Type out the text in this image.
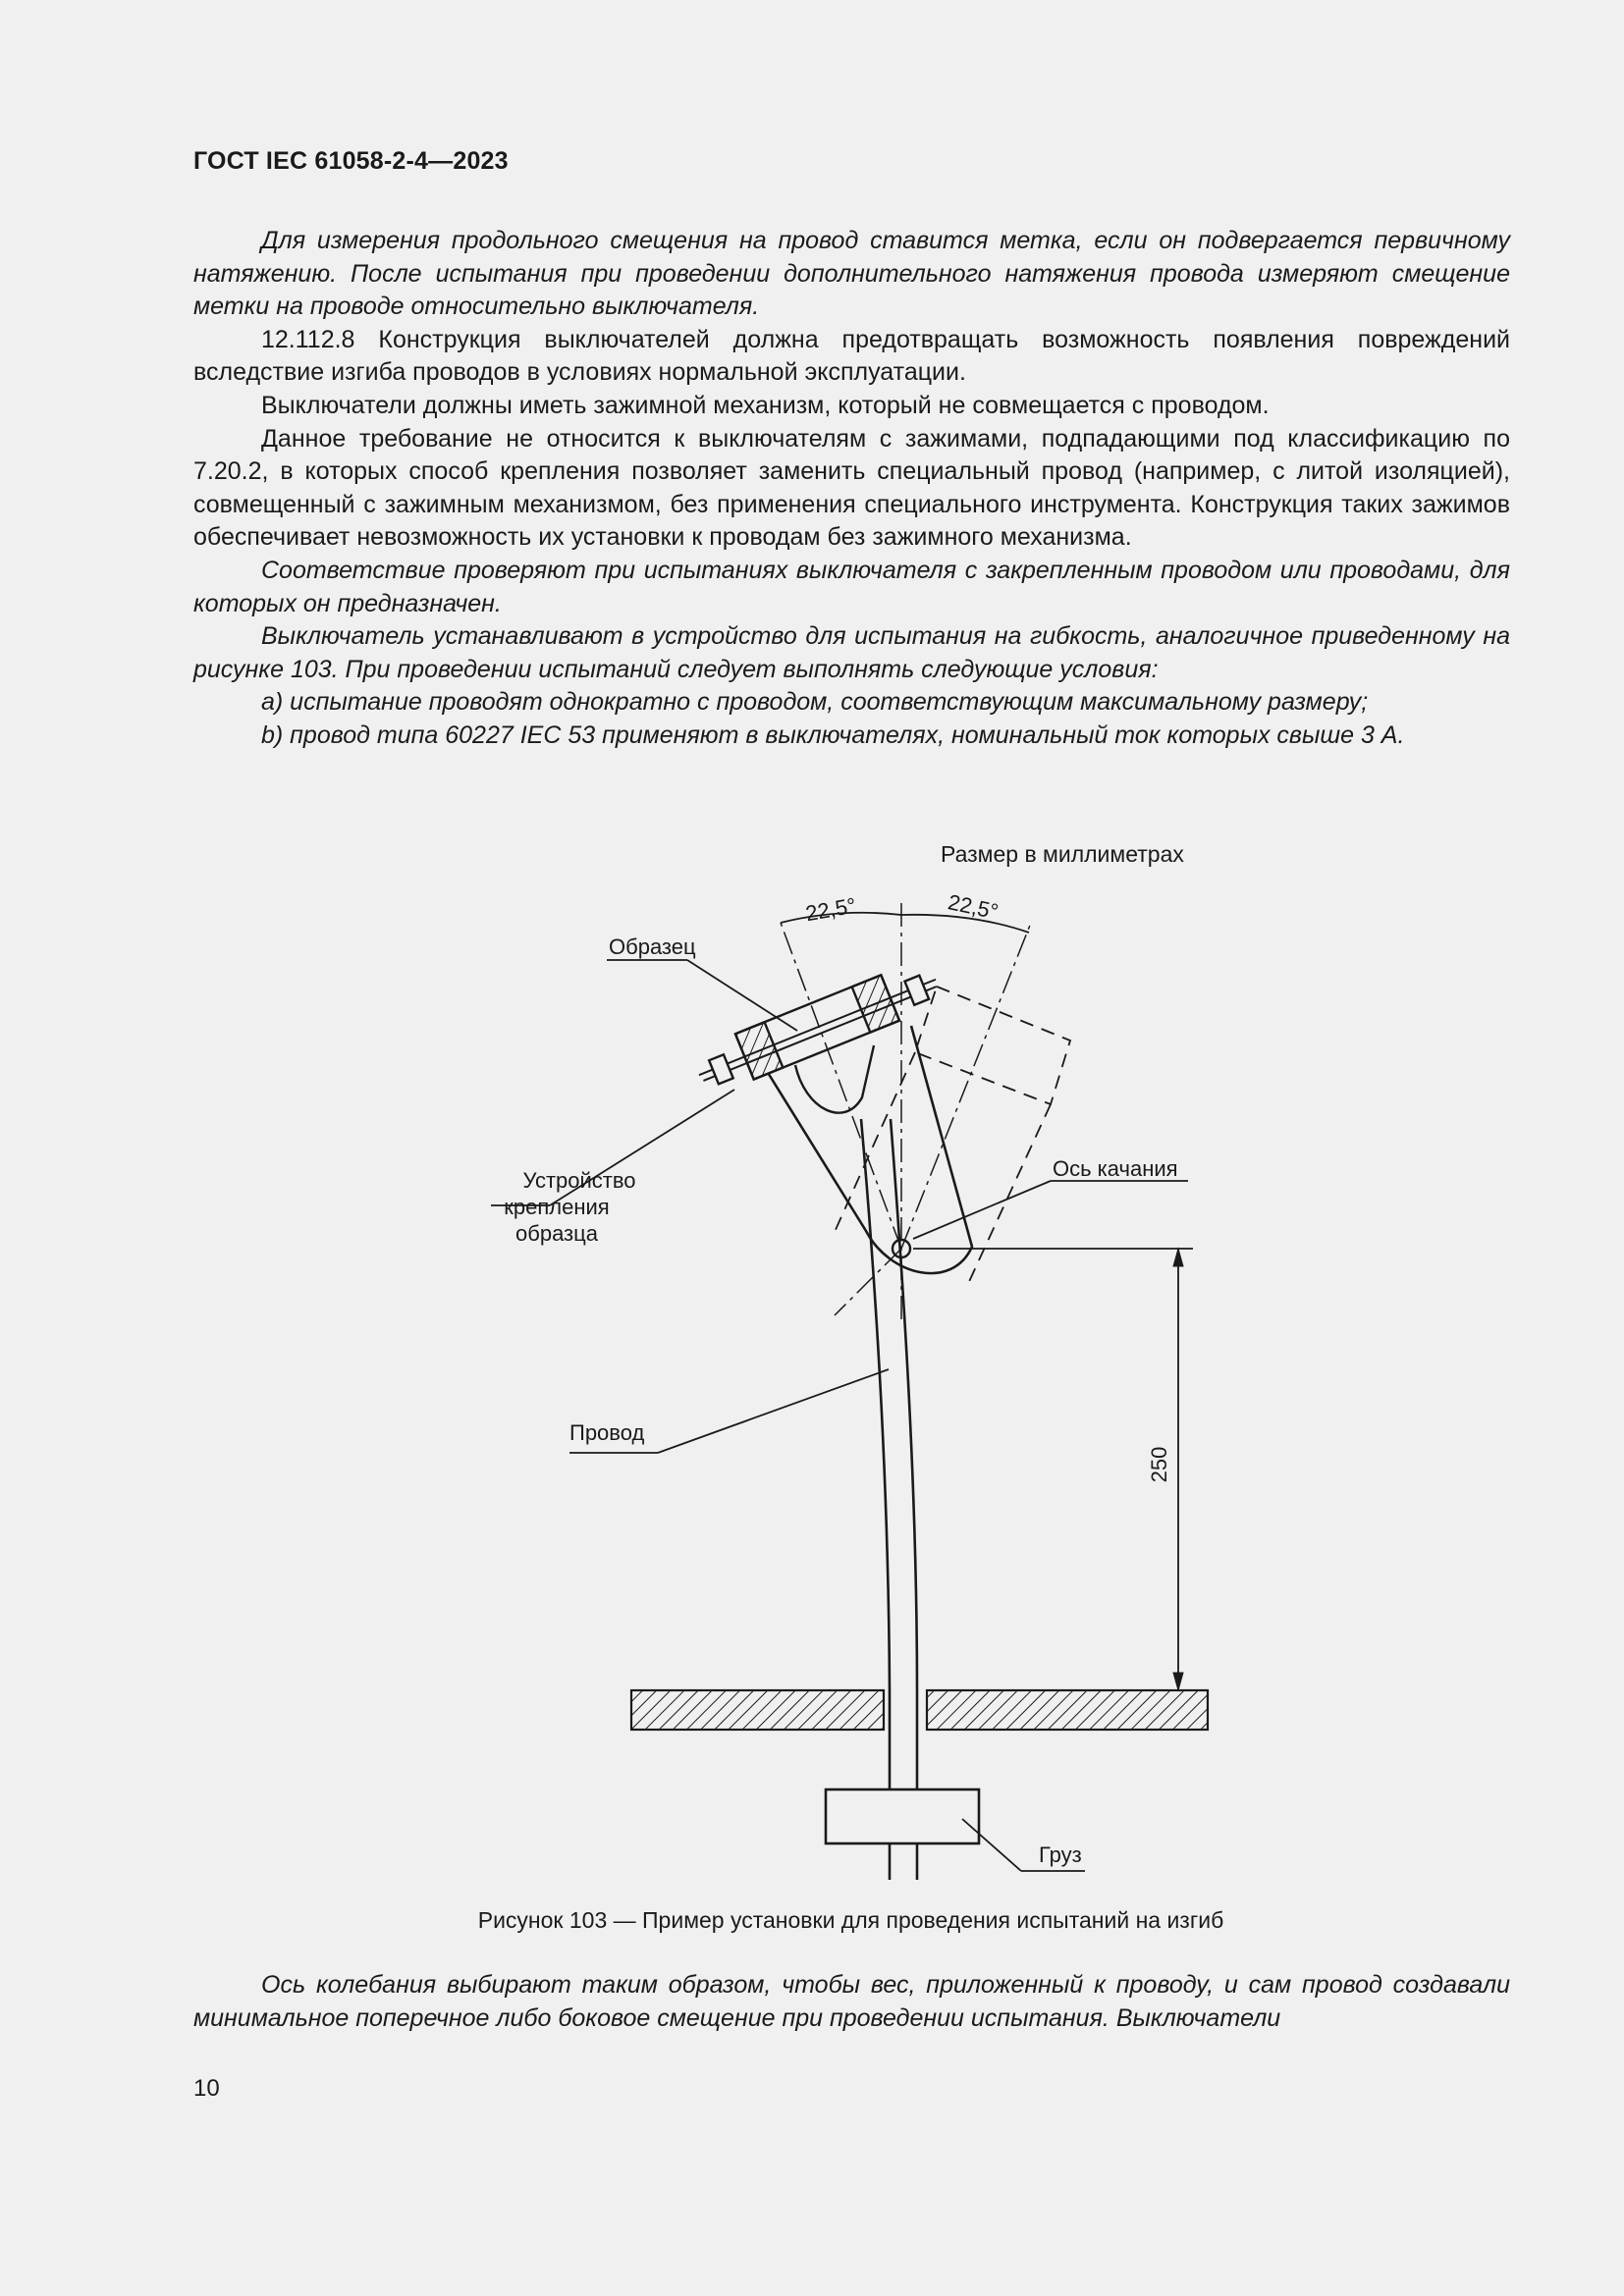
ГОСТ IEC 61058-2-4—2023

Для измерения продольного смещения на провод ставится метка, если он подвергается первичному натяжению. После испытания при проведении дополнительного натяжения провода измеряют смещение метки на проводе относительно выключателя.

12.112.8 Конструкция выключателей должна предотвращать возможность появления повреждений вследствие изгиба проводов в условиях нормальной эксплуатации.

Выключатели должны иметь зажимной механизм, который не совмещается с проводом.

Данное требование не относится к выключателям с зажимами, подпадающими под классификацию по 7.20.2, в которых способ крепления позволяет заменить специальный провод (например, с литой изоляцией), совмещенный с зажимным механизмом, без применения специального инструмента. Конструкция таких зажимов обеспечивает невозможность их установки к проводам без зажимного механизма.

Соответствие проверяют при испытаниях выключателя с закрепленным проводом или проводами, для которых он предназначен.

Выключатель устанавливают в устройство для испытания на гибкость, аналогичное приведенному на рисунке 103. При проведении испытаний следует выполнять следующие условия:

а) испытание проводят однократно с проводом, соответствующим максимальному размеру;

b) провод типа 60227 IEC 53 применяют в выключателях, номинальный ток которых свыше 3 А.

Размер в миллиметрах
22,5°	22,5°
Образец
Устройство
крепления
образца
Ось качания
Провод
Груз
250
Рисунок 103 — Пример установки для проведения испытаний на изгиб

Ось колебания выбирают таким образом, чтобы вес, приложенный к проводу, и сам провод создавали минимальное поперечное либо боковое смещение при проведении испытания. Выключатели

10
